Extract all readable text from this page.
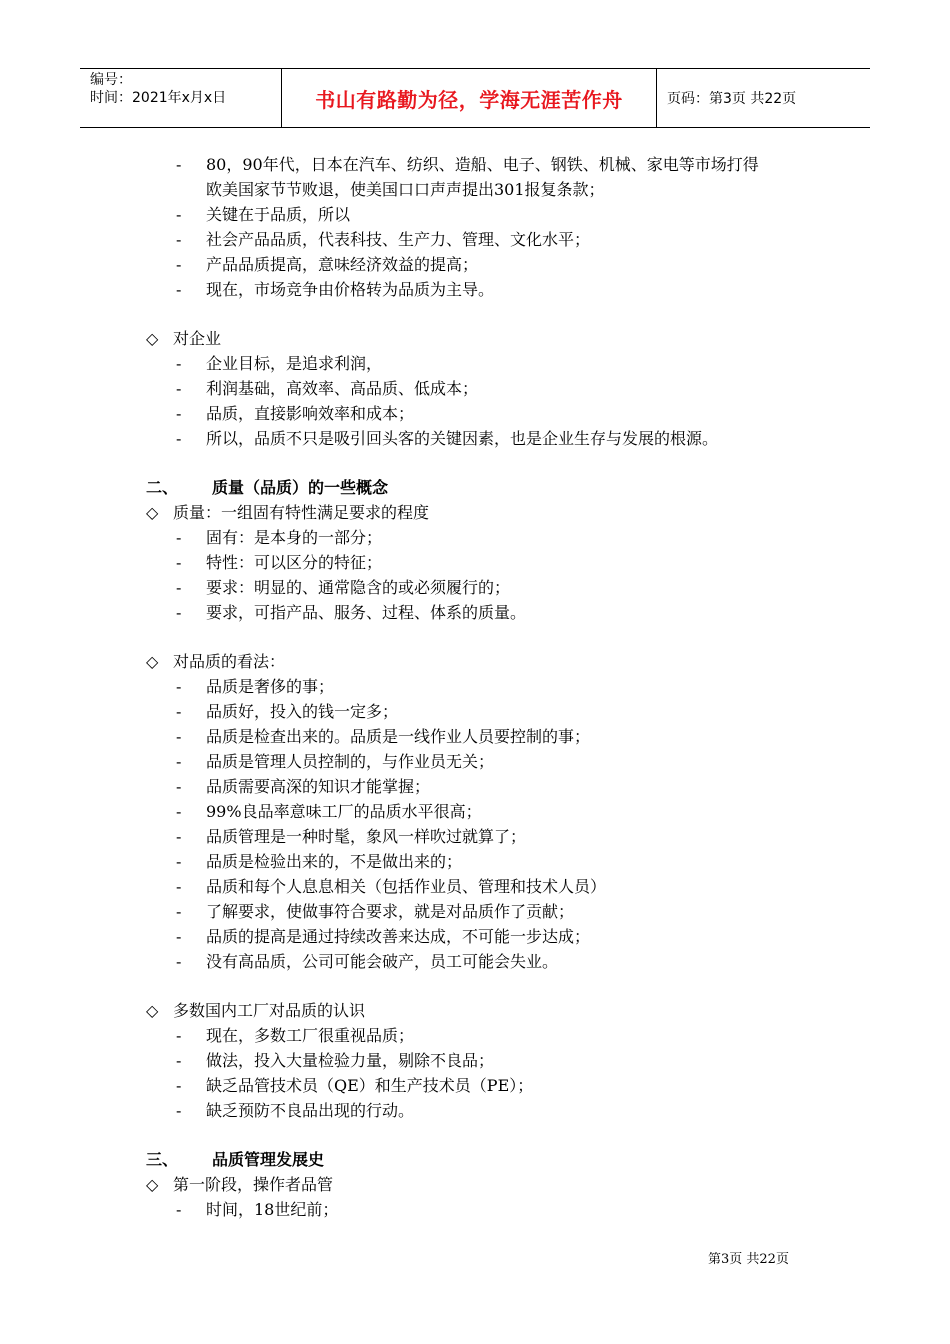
编号：
时间：2021年x月x日	书山有路勤为径，学海无涯苦作舟	页码：第3页 共22页
- 80，90年代，日本在汽车、纺织、造船、电子、钢铁、机械、家电等市场打得
欧美国家节节败退，使美国口口声声提出301报复条款；
- 关键在于品质，所以
- 社会产品品质，代表科技、生产力、管理、文化水平；
- 产品品质提高，意味经济效益的提高；
- 现在，市场竞争由价格转为品质为主导。
◇ 对企业
- 企业目标，是追求利润，
- 利润基础，高效率、高品质、低成本；
- 品质，直接影响效率和成本；
- 所以，品质不只是吸引回头客的关键因素，也是企业生存与发展的根源。
二、 质量（品质）的一些概念
◇ 质量：一组固有特性满足要求的程度
- 固有：是本身的一部分；
- 特性：可以区分的特征；
- 要求：明显的、通常隐含的或必须履行的；
- 要求，可指产品、服务、过程、体系的质量。
◇ 对品质的看法：
- 品质是奢侈的事；
- 品质好，投入的钱一定多；
- 品质是检查出来的。品质是一线作业人员要控制的事；
- 品质是管理人员控制的，与作业员无关；
- 品质需要高深的知识才能掌握；
- 99%良品率意味工厂的品质水平很高；
- 品质管理是一种时髦，象风一样吹过就算了；
- 品质是检验出来的，不是做出来的；
- 品质和每个人息息相关（包括作业员、管理和技术人员）
- 了解要求，使做事符合要求，就是对品质作了贡献；
- 品质的提高是通过持续改善来达成，不可能一步达成；
- 没有高品质，公司可能会破产，员工可能会失业。
◇ 多数国内工厂对品质的认识
- 现在，多数工厂很重视品质；
- 做法，投入大量检验力量，剔除不良品；
- 缺乏品管技术员（QE）和生产技术员（PE）；
- 缺乏预防不良品出现的行动。
三、 品质管理发展史
◇ 第一阶段，操作者品管
- 时间，18世纪前；
第3页 共22页
